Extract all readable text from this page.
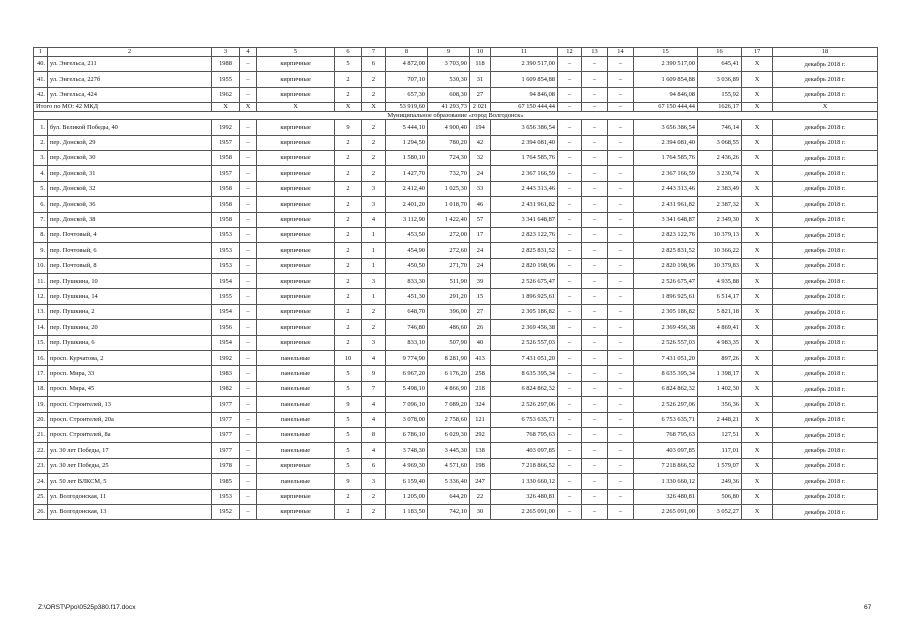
1	2	3	4	5	6	7	8	9	10	11	12	13	14	15	16	17	18
40.	ул. Энгельса, 211	1988	–	кирпичные	5	6	4 872,00	3 703,90	118	2 390 517,00	–	–	–	2 390 517,00	645,41	X	декабрь 2018 г.
41.	ул. Энгельса, 227б	1955	–	кирпичные	2	2	707,10	530,30	31	1 609 854,88	–	–	–	1 609 854,88	3 036,89	X	декабрь 2018 г.
42.	ул. Энгельса, 424	1962	–	кирпичные	2	2	657,30	608,30	27	94 846,08	–	–	–	94 846,08	155,92	X	декабрь 2018 г.
Итого по МО: 42 МКД		X	X	X	X	X	53 919,60	41 293,73	2 021	67 150 444,44	–	–	–	67 150 444,44	1626,17	X	X
Муниципальное образование «город Волгодонск»																	
1.	бул. Великой Победы, 40	1992	–	кирпичные	9	2	5 444,10	4 900,40	194	3 656 386,54	–	–	–	3 656 386,54	746,14	X	декабрь 2018 г.
2.	пер. Донской, 29	1957	–	кирпичные	2	2	1 294,50	780,20	42	2 394 081,40	–	–	–	2 394 081,40	3 068,55	X	декабрь 2018 г.
3.	пер. Донской, 30	1958	–	кирпичные	2	2	1 580,10	724,30	32	1 764 585,76	–	–	–	1 764 585,76	2 436,26	X	декабрь 2018 г.
4.	пер. Донской, 31	1957	–	кирпичные	2	2	1 427,70	732,70	24	2 367 166,59	–	–	–	2 367 166,59	3 230,74	X	декабрь 2018 г.
5.	пер. Донской, 32	1958	–	кирпичные	2	3	2 412,40	1 025,30	33	2 443 313,46	–	–	–	2 443 313,46	2 383,49	X	декабрь 2018 г.
6.	пер. Донской, 36	1958	–	кирпичные	2	3	2 401,20	1 018,70	46	2 431 961,82	–	–	–	2 431 961,82	2 387,32	X	декабрь 2018 г.
7.	пер. Донской, 38	1958	–	кирпичные	2	4	3 112,90	1 422,40	57	3 341 648,87	–	–	–	3 341 648,87	2 349,30	X	декабрь 2018 г.
8.	пер. Почтовый, 4	1953	–	кирпичные	2	1	453,50	272,00	17	2 823 122,76	–	–	–	2 823 122,76	10 379,13	X	декабрь 2018 г.
9.	пер. Почтовый, 6	1953	–	кирпичные	2	1	454,90	272,60	24	2 825 831,52	–	–	–	2 825 831,52	10 366,22	X	декабрь 2018 г.
10.	пер. Почтовый, 8	1953	–	кирпичные	2	1	450,50	271,70	24	2 820 198,96	–	–	–	2 820 198,96	10 379,83	X	декабрь 2018 г.
11.	пер. Пушкина, 10	1954	–	кирпичные	2	3	833,30	511,90	39	2 526 675,47	–	–	–	2 526 675,47	4 935,88	X	декабрь 2018 г.
12.	пер. Пушкина, 14	1955	–	кирпичные	2	1	451,30	291,20	15	1 896 925,61	–	–	–	1 896 925,61	6 514,17	X	декабрь 2018 г.
13.	пер. Пушкина, 2	1954	–	кирпичные	2	2	648,70	396,00	27	2 305 186,82	–	–	–	2 305 186,82	5 821,18	X	декабрь 2018 г.
14.	пер. Пушкина, 20	1956	–	кирпичные	2	2	746,80	486,60	26	2 369 456,38	–	–	–	2 369 456,38	4 869,41	X	декабрь 2018 г.
15.	пер. Пушкина, 6	1954	–	кирпичные	2	3	833,10	507,90	40	2 526 557,03	–	–	–	2 526 557,03	4 983,35	X	декабрь 2018 г.
16.	просп. Курчатова, 2	1992	–	панельные	10	4	9 774,90	8 281,90	413	7 431 051,20	–	–	–	7 431 051,20	897,26	X	декабрь 2018 г.
17.	просп. Мира, 33	1983	–	панельные	5	9	6 967,20	6 176,20	258	8 635 395,34	–	–	–	8 635 395,34	1 398,17	X	декабрь 2018 г.
18.	просп. Мира, 45	1982	–	панельные	5	7	5 498,10	4 866,90	218	6 824 862,32	–	–	–	6 824 862,32	1 402,30	X	декабрь 2018 г.
19.	просп. Строителей, 13	1977	–	панельные	9	4	7 096,10	7 089,20	324	2 526 297,06	–	–	–	2 526 297,06	356,36	X	декабрь 2018 г.
20.	просп. Строителей, 20а	1977	–	панельные	5	4	3 078,00	2 758,60	121	6 753 635,71	–	–	–	6 753 635,71	2 448,21	X	декабрь 2018 г.
21.	просп. Строителей, 8а	1977	–	панельные	5	8	6 786,10	6 029,30	292	768 795,63	–	–	–	768 795,63	127,51	X	декабрь 2018 г.
22.	ул. 30 лет Победы, 17	1977	–	панельные	5	4	3 748,30	3 445,30	138	403 097,85	–	–	–	403 097,85	117,01	X	декабрь 2018 г.
23.	ул. 30 лет Победы, 25	1978	–	кирпичные	5	6	4 969,30	4 571,60	198	7 218 866,52	–	–	–	7 218 866,52	1 579,07	X	декабрь 2018 г.
24.	ул. 50 лет ВЛКСМ, 5	1985	–	панельные	9	3	6 159,40	5 336,40	247	1 330 660,12	–	–	–	1 330 660,12	249,36	X	декабрь 2018 г.
25.	ул. Волгодонская, 11	1953	–	кирпичные	2	2	1 205,00	644,20	22	326 480,81	–	–	–	326 480,81	506,80	X	декабрь 2018 г.
26.	ул. Волгодонская, 13	1952	–	кирпичные	2	2	1 183,50	742,10	30	2 265 091,00	–	–	–	2 265 091,00	3 052,27	X	декабрь 2018 г.
Z:\ORST\Ppo\0525p380.f17.docx	67
